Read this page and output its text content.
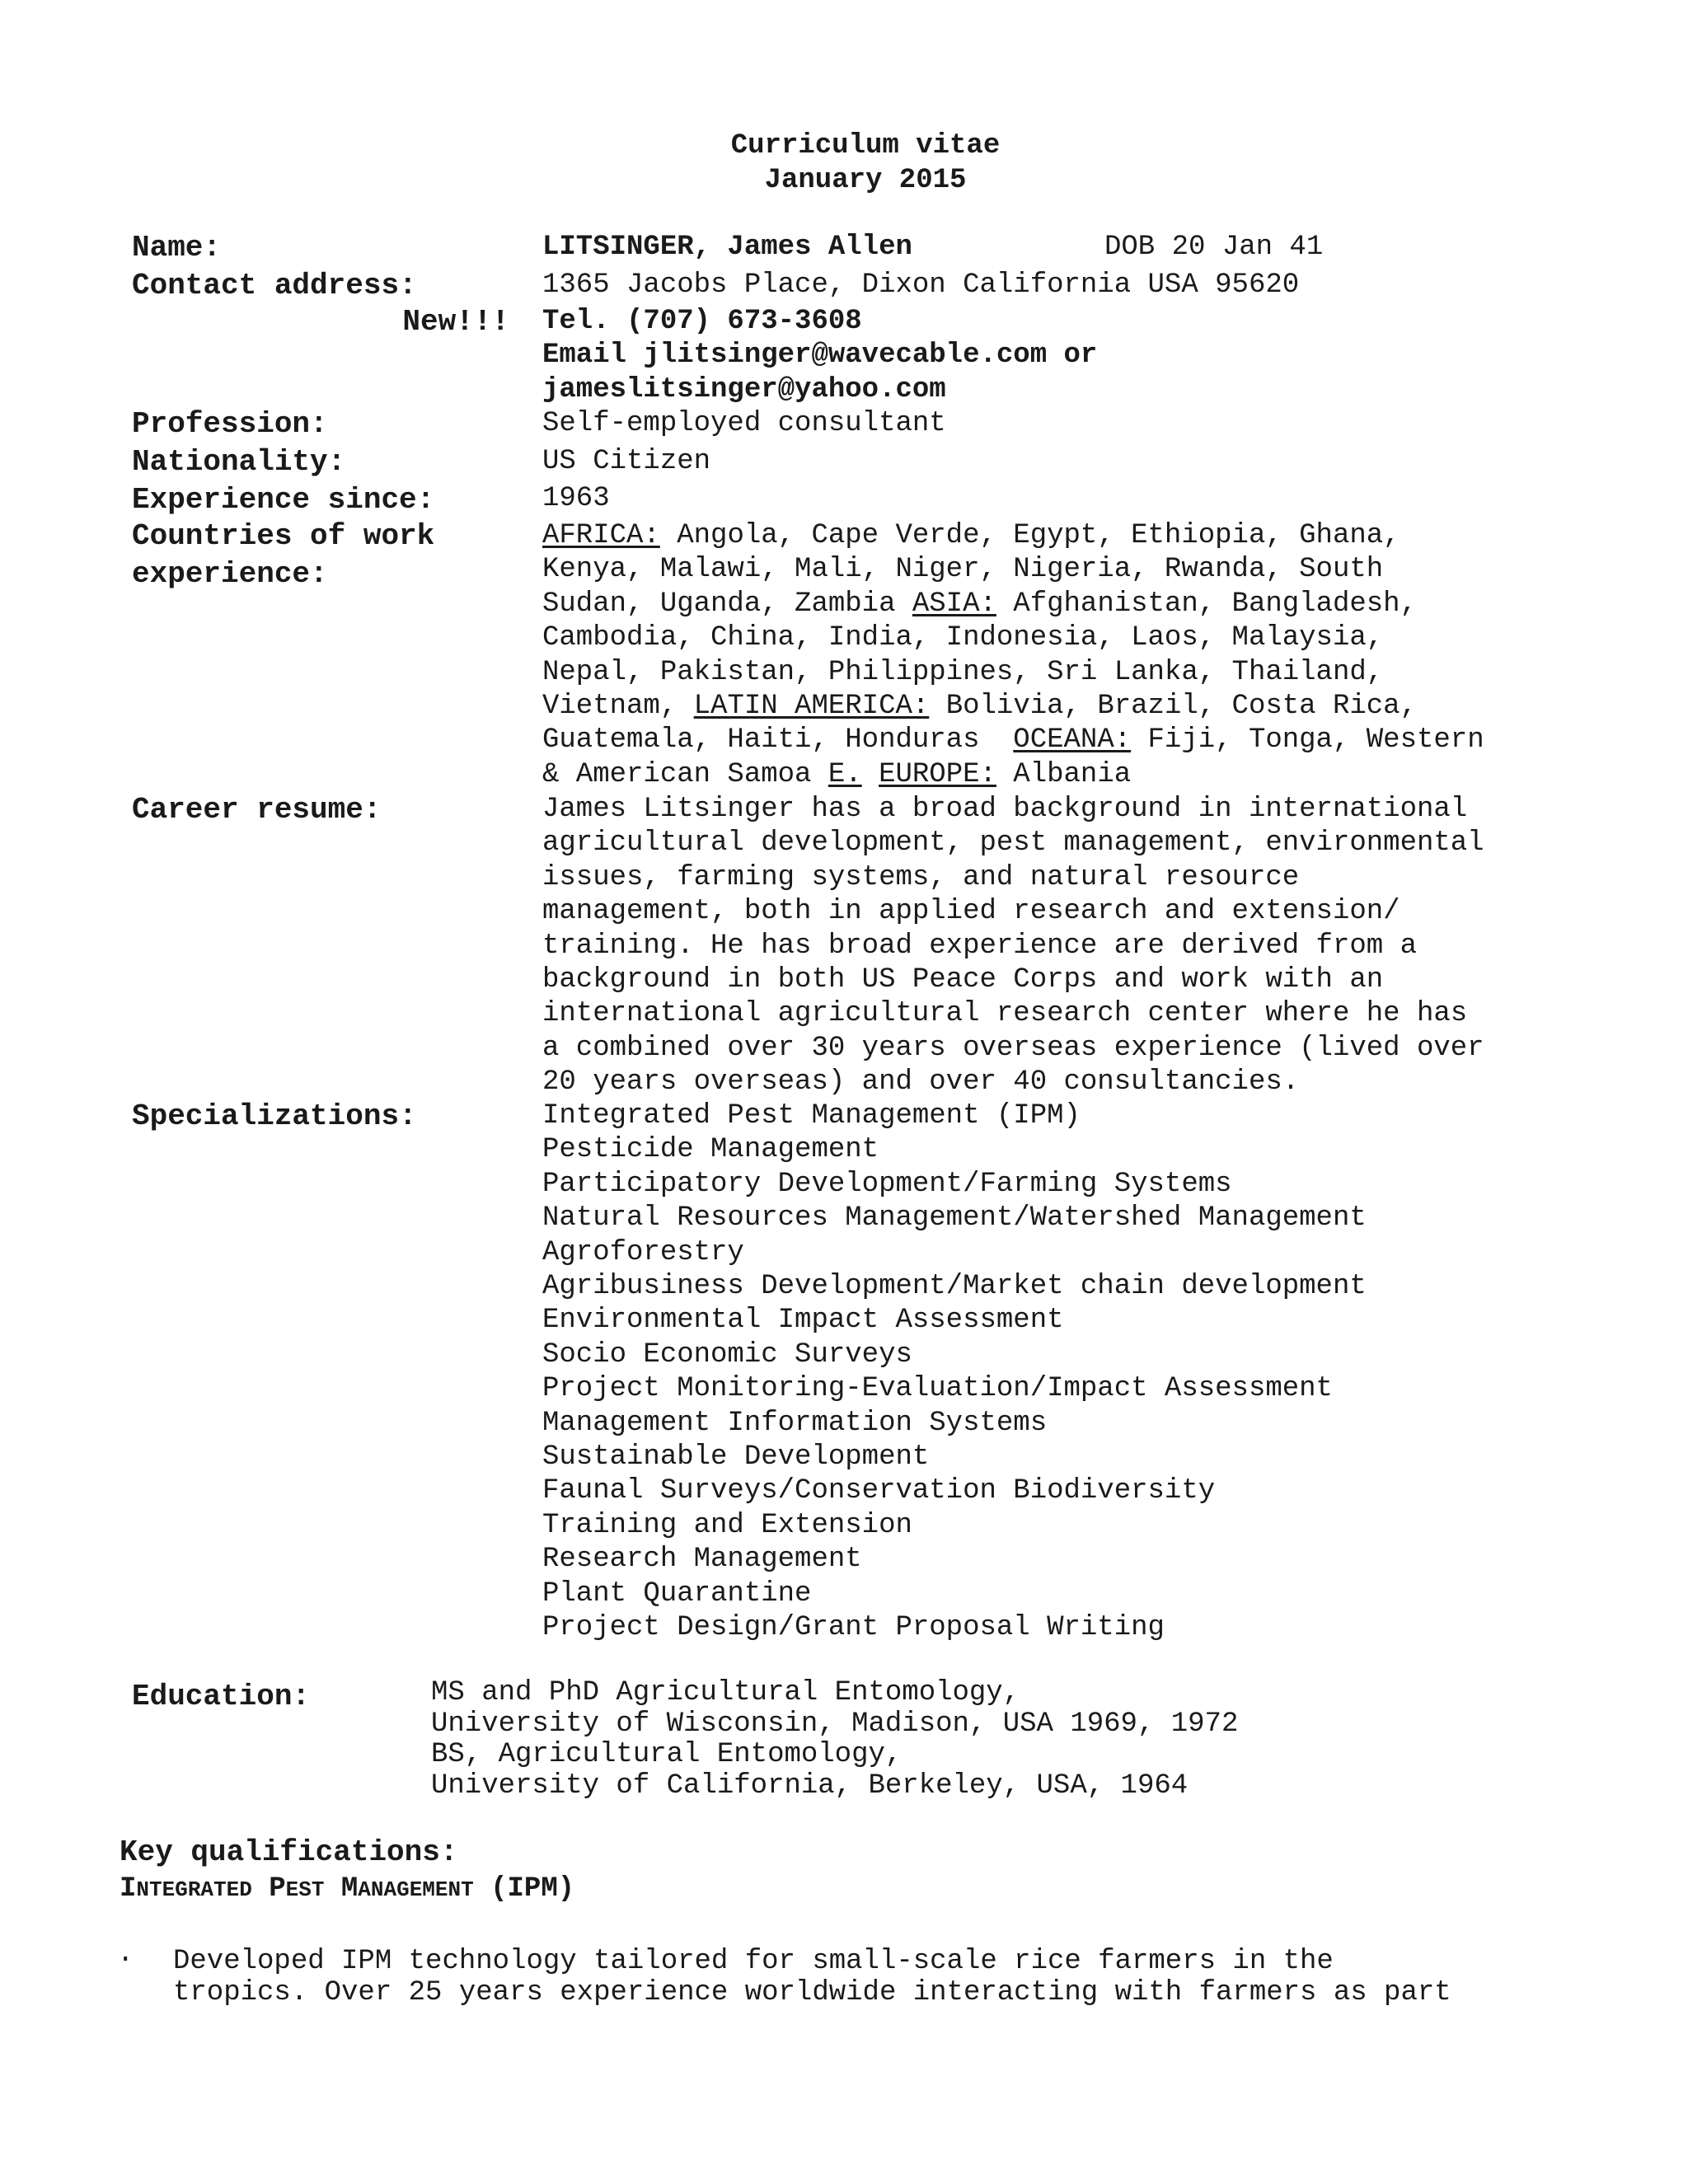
Curriculum vitae
January 2015
Name:	LITSINGER, James Allen	DOB 20 Jan 41
Contact address:	1365 Jacobs Place, Dixon California USA 95620
New!!! Tel. (707) 673-3608
Email jlitsinger@wavecable.com or
jameslitsinger@yahoo.com
Profession:	Self-employed consultant
Nationality:	US Citizen
Experience since:	1963
Countries of work
experience:
AFRICA: Angola, Cape Verde, Egypt, Ethiopia, Ghana,
Kenya, Malawi, Mali, Niger, Nigeria, Rwanda, South
Sudan, Uganda, Zambia ASIA: Afghanistan, Bangladesh,
Cambodia, China, India, Indonesia, Laos, Malaysia,
Nepal, Pakistan, Philippines, Sri Lanka, Thailand,
Vietnam, LATIN AMERICA: Bolivia, Brazil, Costa Rica,
Guatemala, Haiti, Honduras  OCEANA: Fiji, Tonga, Western
& American Samoa E. EUROPE: Albania
Career resume:	James Litsinger has a broad background in international
agricultural development, pest management, environmental
issues, farming systems, and natural resource
management, both in applied research and extension/
training. He has broad experience are derived from a
background in both US Peace Corps and work with an
international agricultural research center where he has
a combined over 30 years overseas experience (lived over
20 years overseas) and over 40 consultancies.
Specializations:	Integrated Pest Management (IPM)
Pesticide Management
Participatory Development/Farming Systems
Natural Resources Management/Watershed Management
Agroforestry
Agribusiness Development/Market chain development
Environmental Impact Assessment
Socio Economic Surveys
Project Monitoring-Evaluation/Impact Assessment
Management Information Systems
Sustainable Development
Faunal Surveys/Conservation Biodiversity
Training and Extension
Research Management
Plant Quarantine
Project Design/Grant Proposal Writing
Education:	MS and PhD Agricultural Entomology,
University of Wisconsin, Madison, USA 1969, 1972
BS, Agricultural Entomology,
University of California, Berkeley, USA, 1964
Key qualifications:
INTEGRATED PEST MANAGEMENT (IPM)
· Developed IPM technology tailored for small-scale rice farmers in the
tropics. Over 25 years experience worldwide interacting with farmers as part
